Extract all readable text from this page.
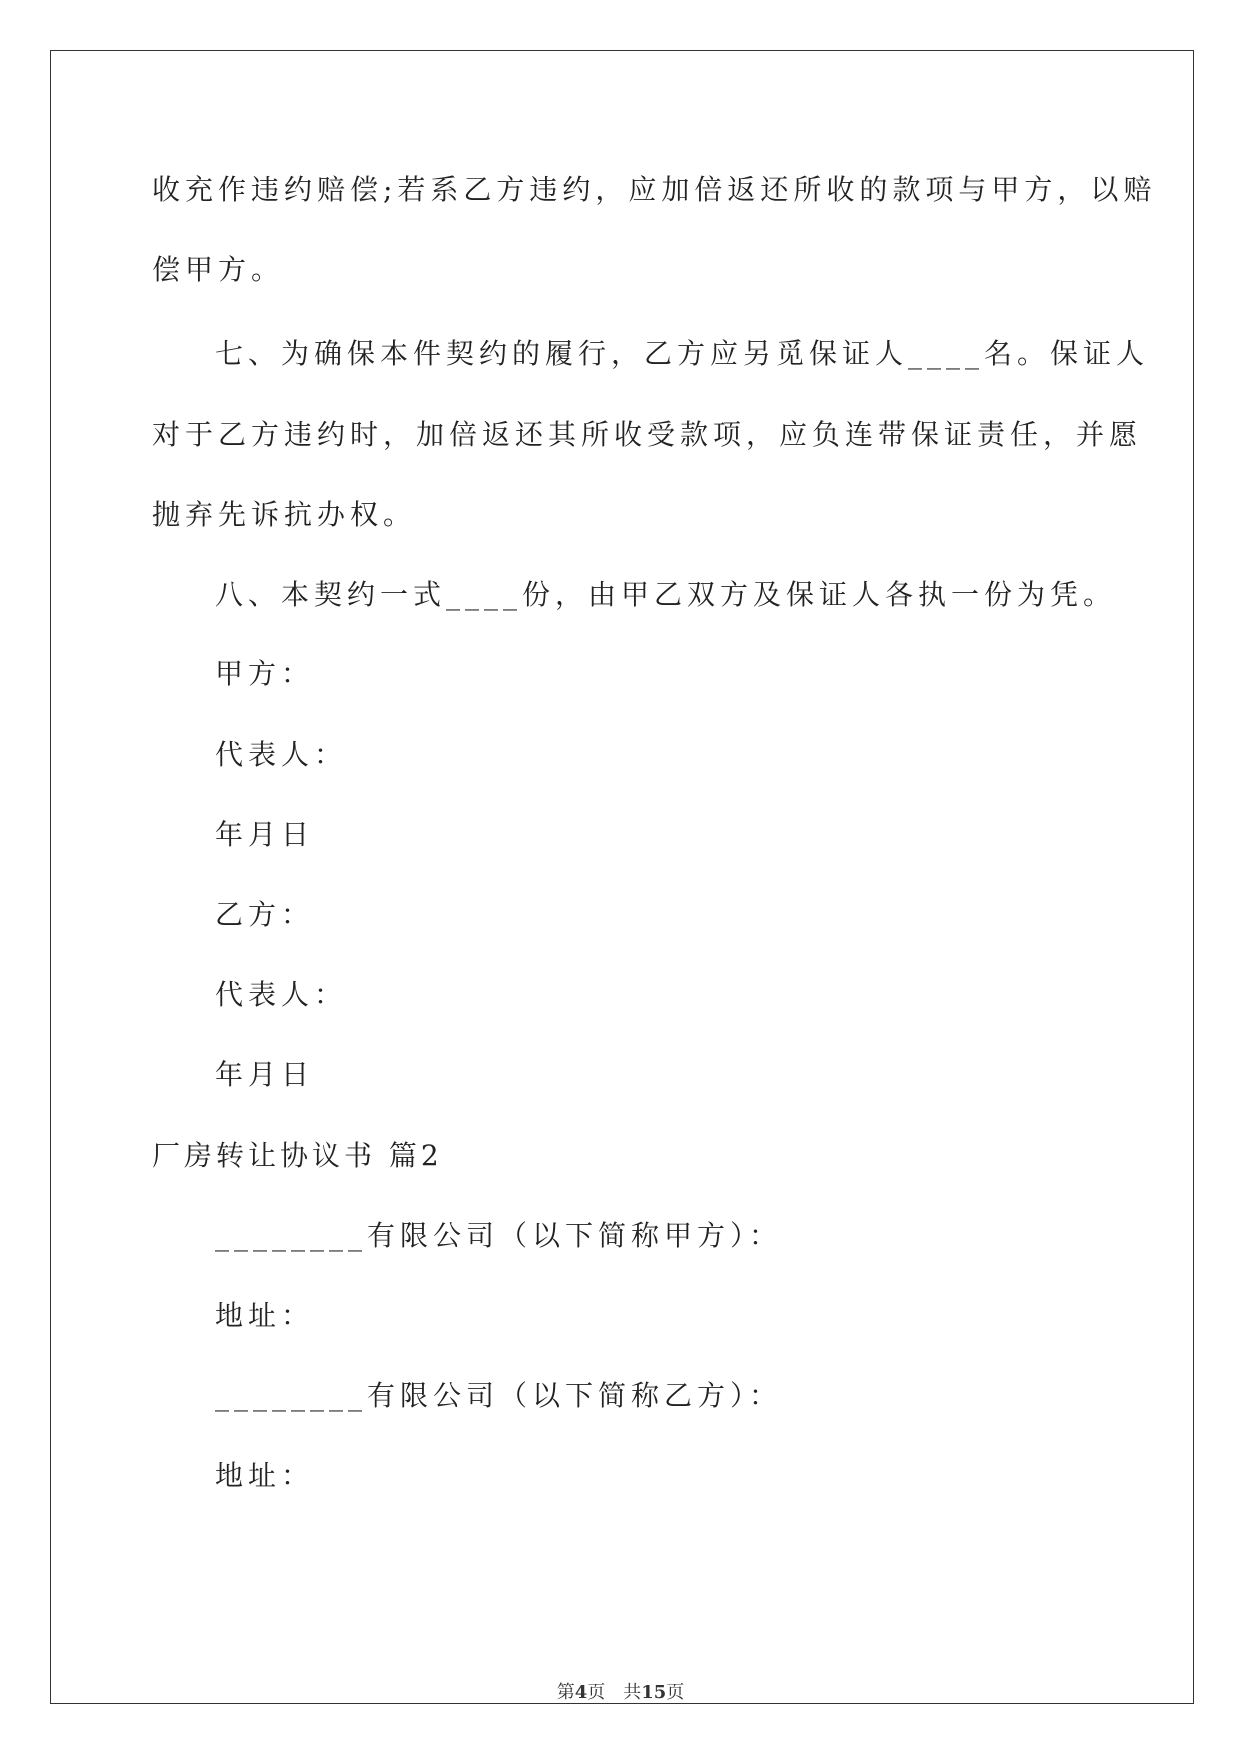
收充作违约赔偿;若系乙方违约，应加倍返还所收的款项与甲方，以赔
偿甲方。
七、为确保本件契约的履行，乙方应另觅保证人____名。保证人
对于乙方违约时，加倍返还其所收受款项，应负连带保证责任，并愿
抛弃先诉抗办权。
八、本契约一式____份，由甲乙双方及保证人各执一份为凭。
甲方：
代表人：
年月日
乙方：
代表人：
年月日
厂房转让协议书 篇2
________有限公司（以下简称甲方）：
地址：
________有限公司（以下简称乙方）：
地址：
第4页　共15页
